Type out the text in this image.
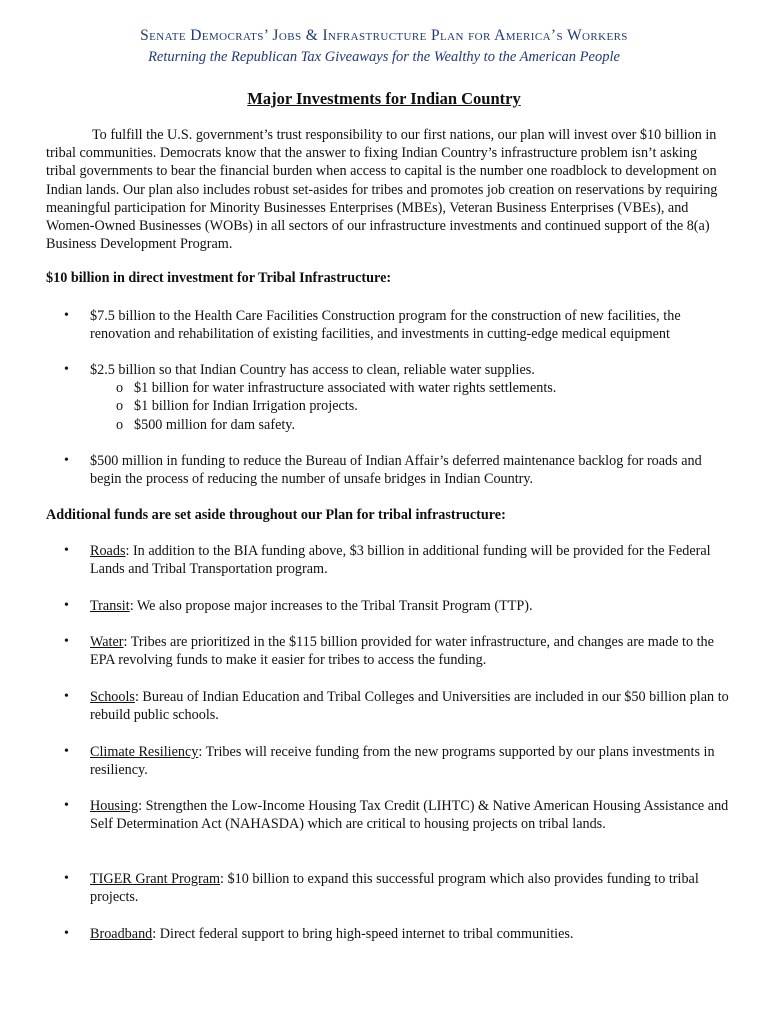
Senate Democrats’ Jobs & Infrastructure Plan for America’s Workers
Returning the Republican Tax Giveaways for the Wealthy to the American People
Major Investments for Indian Country
To fulfill the U.S. government’s trust responsibility to our first nations, our plan will invest over $10 billion in tribal communities. Democrats know that the answer to fixing Indian Country’s infrastructure problem isn’t asking tribal governments to bear the financial burden when access to capital is the number one roadblock to development on Indian lands. Our plan also includes robust set-asides for tribes and promotes job creation on reservations by requiring meaningful participation for Minority Businesses Enterprises (MBEs), Veteran Business Enterprises (VBEs), and Women-Owned Businesses (WOBs) in all sectors of our infrastructure investments and continued support of the 8(a) Business Development Program.
$10 billion in direct investment for Tribal Infrastructure:
• $7.5 billion to the Health Care Facilities Construction program for the construction of new facilities, the renovation and rehabilitation of existing facilities, and investments in cutting-edge medical equipment
• $2.5 billion so that Indian Country has access to clean, reliable water supplies.
o $1 billion for water infrastructure associated with water rights settlements.
o $1 billion for Indian Irrigation projects.
o $500 million for dam safety.
• $500 million in funding to reduce the Bureau of Indian Affair’s deferred maintenance backlog for roads and begin the process of reducing the number of unsafe bridges in Indian Country.
Additional funds are set aside throughout our Plan for tribal infrastructure:
• Roads: In addition to the BIA funding above, $3 billion in additional funding will be provided for the Federal Lands and Tribal Transportation program.
• Transit: We also propose major increases to the Tribal Transit Program (TTP).
• Water: Tribes are prioritized in the $115 billion provided for water infrastructure, and changes are made to the EPA revolving funds to make it easier for tribes to access the funding.
• Schools: Bureau of Indian Education and Tribal Colleges and Universities are included in our $50 billion plan to rebuild public schools.
• Climate Resiliency: Tribes will receive funding from the new programs supported by our plans investments in resiliency.
• Housing: Strengthen the Low-Income Housing Tax Credit (LIHTC) & Native American Housing Assistance and Self Determination Act (NAHASDA) which are critical to housing projects on tribal lands.
• TIGER Grant Program: $10 billion to expand this successful program which also provides funding to tribal projects.
• Broadband: Direct federal support to bring high-speed internet to tribal communities.
